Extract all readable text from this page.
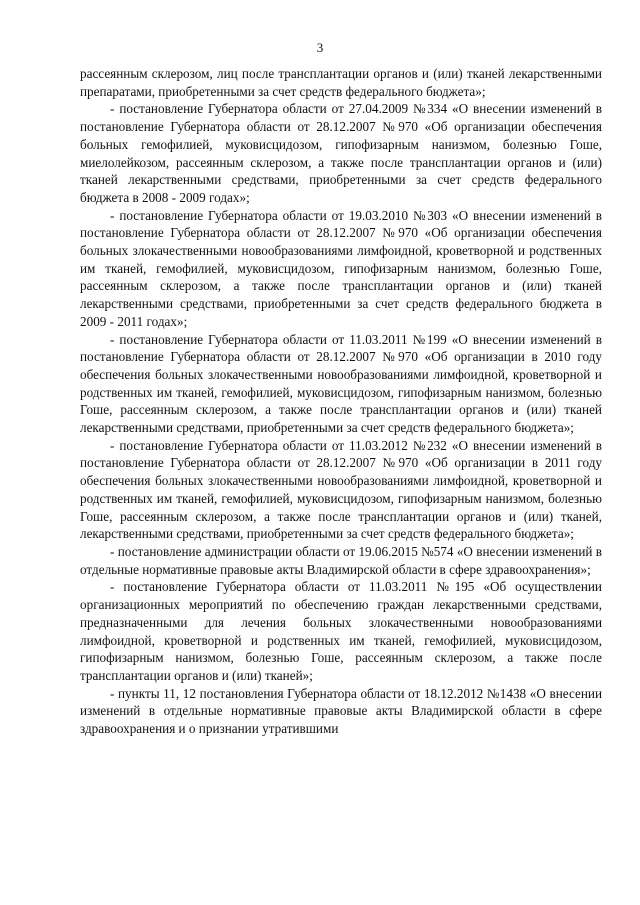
3

рассеянным склерозом, лиц после трансплантации органов и (или) тканей лекарственными препаратами, приобретенными за счет средств федерального бюджета»;

- постановление Губернатора области от 27.04.2009 №334 «О внесении изменений в постановление Губернатора области от 28.12.2007 №970 «Об организации обеспечения больных гемофилией, муковисцидозом, гипофизарным нанизмом, болезнью Гоше, миелолейкозом, рассеянным склерозом, а также после трансплантации органов и (или) тканей лекарственными средствами, приобретенными за счет средств федерального бюджета в 2008 - 2009 годах»;

- постановление Губернатора области от 19.03.2010 №303 «О внесении изменений в постановление Губернатора области от 28.12.2007 №970 «Об организации обеспечения больных злокачественными новообразованиями лимфоидной, кроветворной и родственных им тканей, гемофилией, муковисцидозом, гипофизарным нанизмом, болезнью Гоше, рассеянным склерозом, а также после трансплантации органов и (или) тканей лекарственными средствами, приобретенными за счет средств федерального бюджета в 2009 - 2011 годах»;

- постановление Губернатора области от 11.03.2011 №199 «О внесении изменений в постановление Губернатора области от 28.12.2007 №970 «Об организации в 2010 году обеспечения больных злокачественными новообразованиями лимфоидной, кроветворной и родственных им тканей, гемофилией, муковисцидозом, гипофизарным нанизмом, болезнью Гоше, рассеянным склерозом, а также после трансплантации органов и (или) тканей лекарственными средствами, приобретенными за счет средств федерального бюджета»;

- постановление Губернатора области от 11.03.2012 №232 «О внесении изменений в постановление Губернатора области от 28.12.2007 №970 «Об организации в 2011 году обеспечения больных злокачественными новообразованиями лимфоидной, кроветворной и родственных им тканей, гемофилией, муковисцидозом, гипофизарным нанизмом, болезнью Гоше, рассеянным склерозом, а также после трансплантации органов и (или) тканей, лекарственными средствами, приобретенными за счет средств федерального бюджета»;

- постановление администрации области от 19.06.2015 №574 «О внесении изменений в отдельные нормативные правовые акты Владимирской области в сфере здравоохранения»;

- постановление Губернатора области от 11.03.2011 №195 «Об осуществлении организационных мероприятий по обеспечению граждан лекарственными средствами, предназначенными для лечения больных злокачественными новообразованиями лимфоидной, кроветворной и родственных им тканей, гемофилией, муковисцидозом, гипофизарным нанизмом, болезнью Гоше, рассеянным склерозом, а также после трансплантации органов и (или) тканей»;

- пункты 11, 12 постановления Губернатора области от 18.12.2012 №1438 «О внесении изменений в отдельные нормативные правовые акты Владимирской области в сфере здравоохранения и о признании утратившими
